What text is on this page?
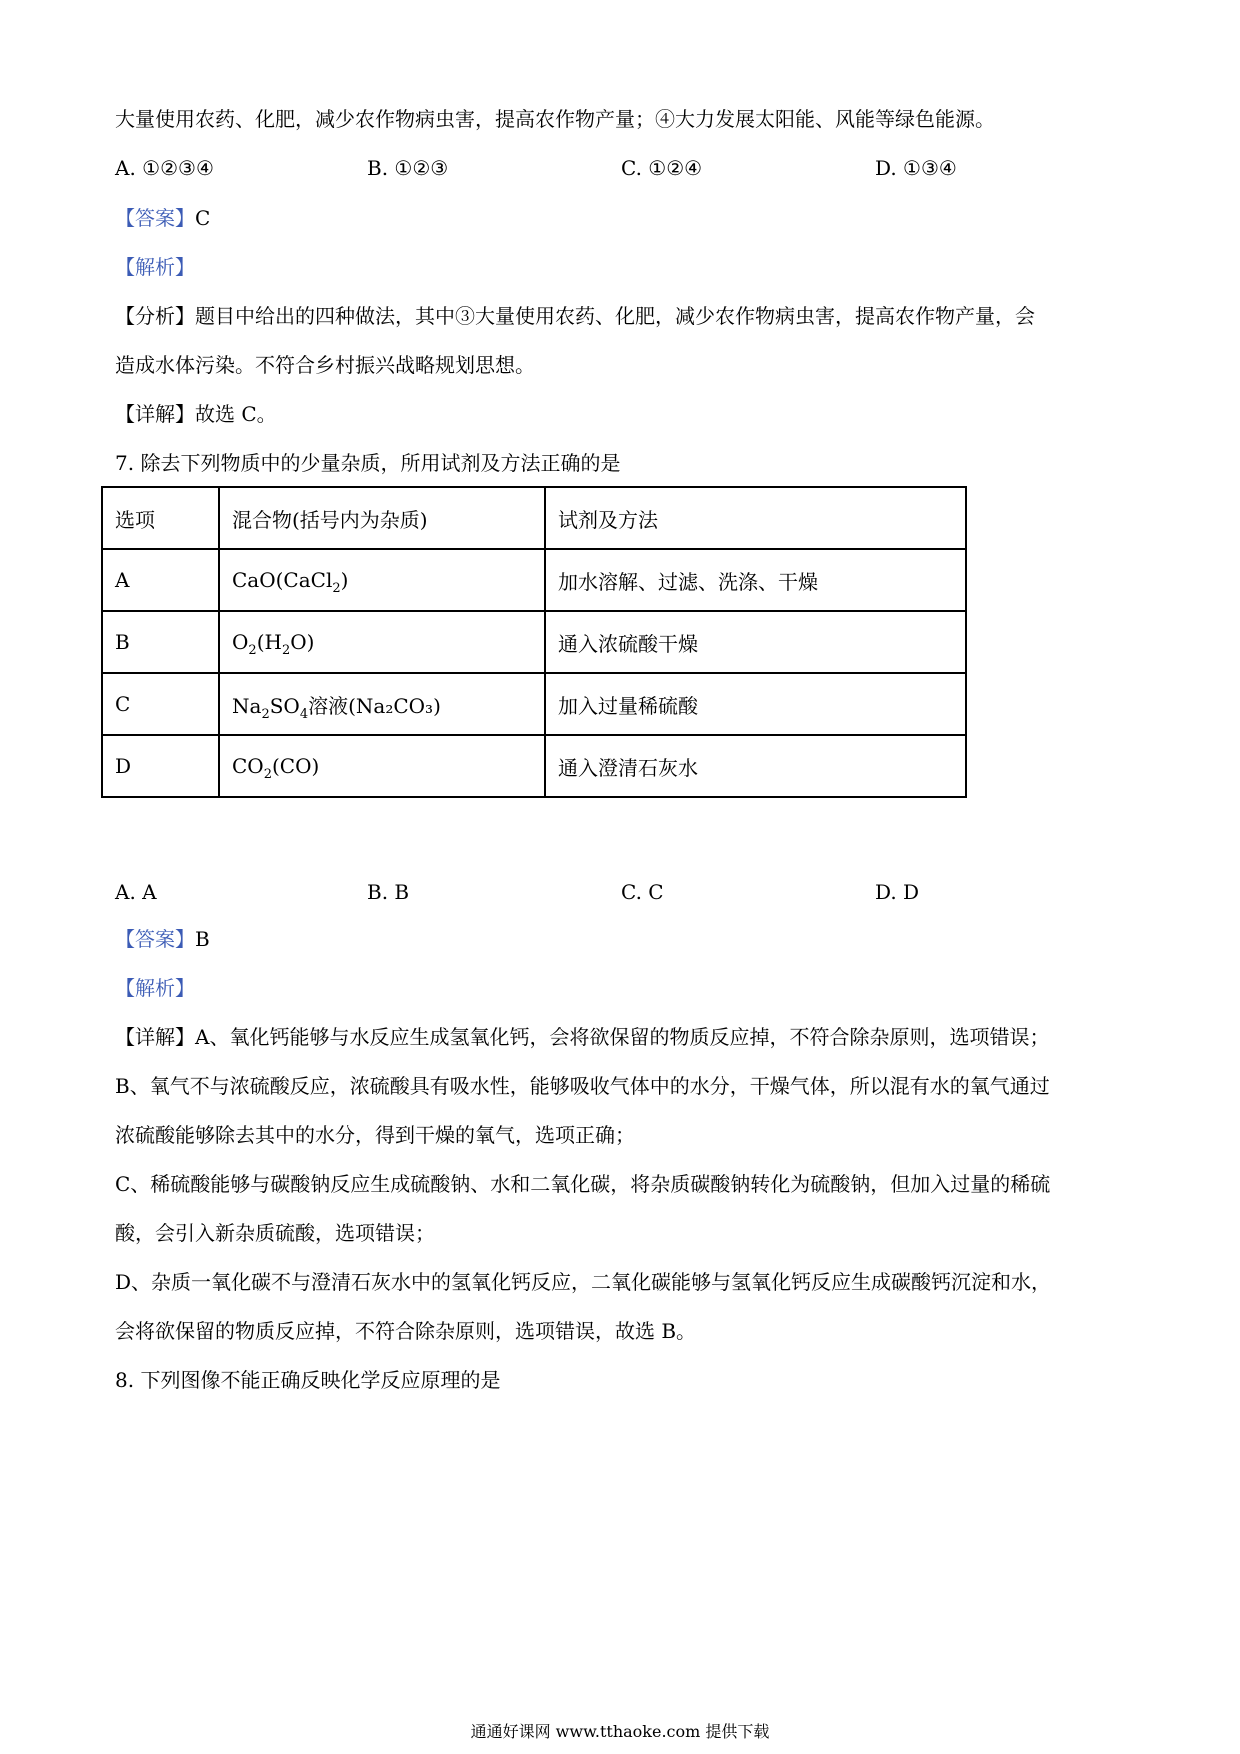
大量使用农药、化肥，减少农作物病虫害，提高农作物产量；④大力发展太阳能、风能等绿色能源。
A. ①②③④	B. ①②③	C. ①②④	D. ①③④
【答案】C
【解析】
【分析】题目中给出的四种做法，其中③大量使用农药、化肥，减少农作物病虫害，提高农作物产量，会
造成水体污染。不符合乡村振兴战略规划思想。
【详解】故选 C。
7. 除去下列物质中的少量杂质，所用试剂及方法正确的是
选项	混合物(括号内为杂质)	试剂及方法
A	CaO(CaCl$_2$)	加水溶解、过滤、洗涤、干燥
B	$O_2(H_2O)$	通入浓硫酸干燥
C	$Na_2SO_4$溶液(Na₂CO₃)	加入过量稀硫酸
D	$CO_2(CO)$	通入澄清石灰水
A. A	B. B	C. C	D. D
【答案】B
【解析】
【详解】A、氧化钙能够与水反应生成氢氧化钙，会将欲保留的物质反应掉，不符合除杂原则，选项错误；
B、氧气不与浓硫酸反应，浓硫酸具有吸水性，能够吸收气体中的水分，干燥气体，所以混有水的氧气通过
浓硫酸能够除去其中的水分，得到干燥的氧气，选项正确；
C、稀硫酸能够与碳酸钠反应生成硫酸钠、水和二氧化碳，将杂质碳酸钠转化为硫酸钠，但加入过量的稀硫
酸，会引入新杂质硫酸，选项错误；
D、杂质一氧化碳不与澄清石灰水中的氢氧化钙反应，二氧化碳能够与氢氧化钙反应生成碳酸钙沉淀和水，
会将欲保留的物质反应掉，不符合除杂原则，选项错误，故选 B。
8. 下列图像不能正确反映化学反应原理的是
通通好课网 www.tthaoke.com 提供下载
